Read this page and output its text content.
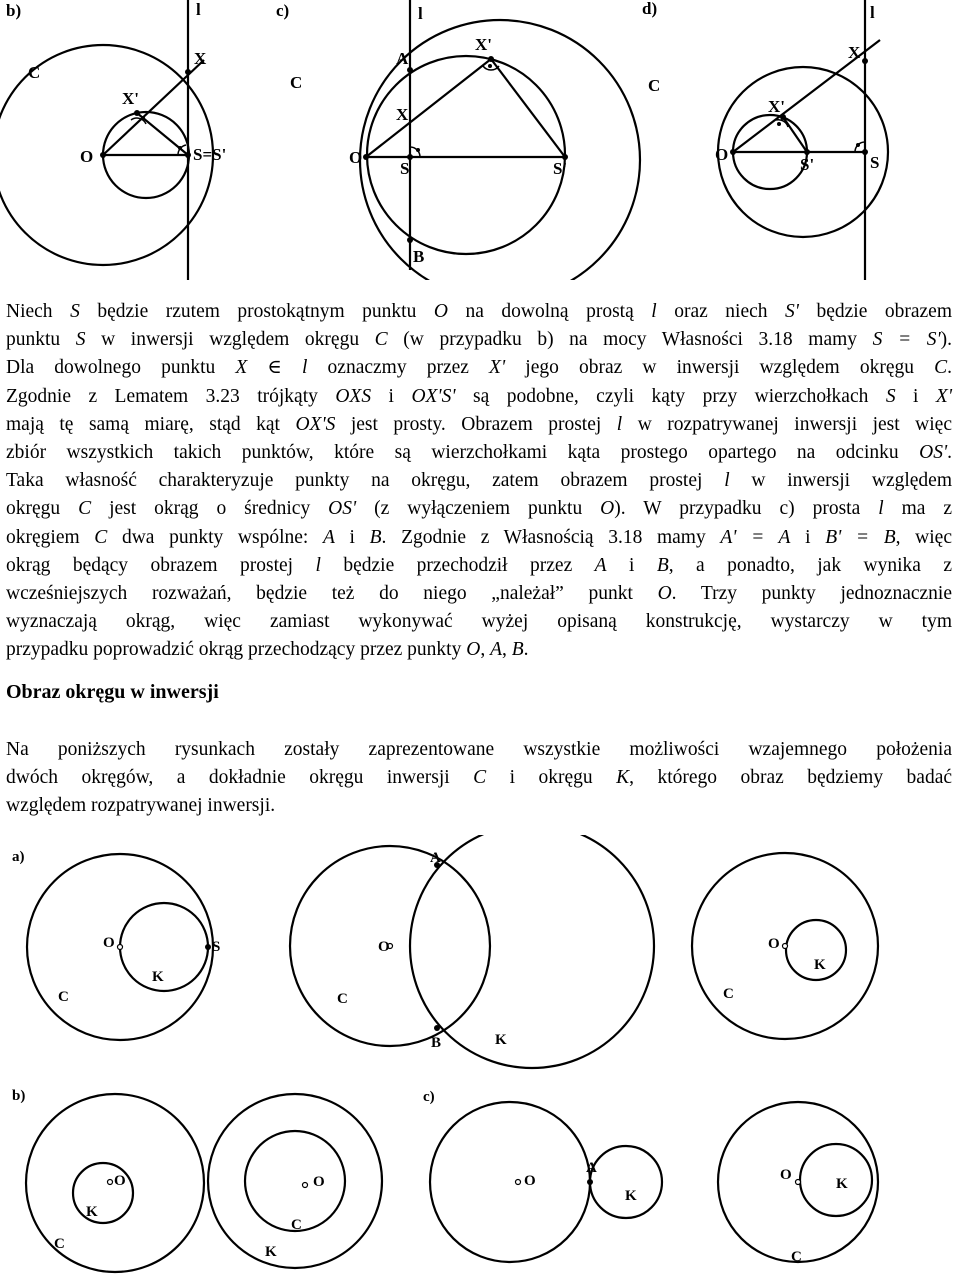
b)
C
l
X
X'
O	S=S'
c)
C
l
A
X
X'
O
S	S'
B
d)
C
l
X
X'
O
S'	S
Niech S będzie rzutem prostokątnym punktu O na dowolną prostą l oraz niech S' będzie obrazem
punktu S w inwersji względem okręgu C (w przypadku b) na mocy Własności 3.18 mamy S = S').
Dla dowolnego punktu X ∈ l oznaczmy przez X' jego obraz w inwersji względem okręgu C.
Zgodnie z Lematem 3.23 trójkąty OXS i OX'S' są podobne, czyli kąty przy wierzchołkach S i X'
mają tę samą miarę, stąd kąt OX'S jest prosty. Obrazem prostej l w rozpatrywanej inwersji jest więc
zbiór wszystkich takich punktów, które są wierzchołkami kąta prostego opartego na odcinku OS'.
Taka własność charakteryzuje punkty na okręgu, zatem obrazem prostej l w inwersji względem
okręgu C jest okrąg o średnicy OS' (z wyłączeniem punktu O). W przypadku c) prosta l ma z
okręgiem C dwa punkty wspólne: A i B. Zgodnie z Własnością 3.18 mamy A' = A i B' = B, więc
okrąg będący obrazem prostej l będzie przechodził przez A i B, a ponadto, jak wynika z
wcześniejszych rozważań, będzie też do niego „należał” punkt O. Trzy punkty jednoznacznie
wyznaczają okrąg, więc zamiast wykonywać wyżej opisaną konstrukcję, wystarczy w tym
przypadku poprowadzić okrąg przechodzący przez punkty O, A, B.
Obraz okręgu w inwersji
Na poniższych rysunkach zostały zaprezentowane wszystkie możliwości wzajemnego położenia
dwóch okręgów, a dokładnie okręgu inwersji C i okręgu K, którego obraz będziemy badać
względem rozpatrywanej inwersji.
a)
O	S
K
C
A
O
B	K
C
O
K
C
b)
O
K
C
O
C
K
c)
O
A
K
O
K
C
